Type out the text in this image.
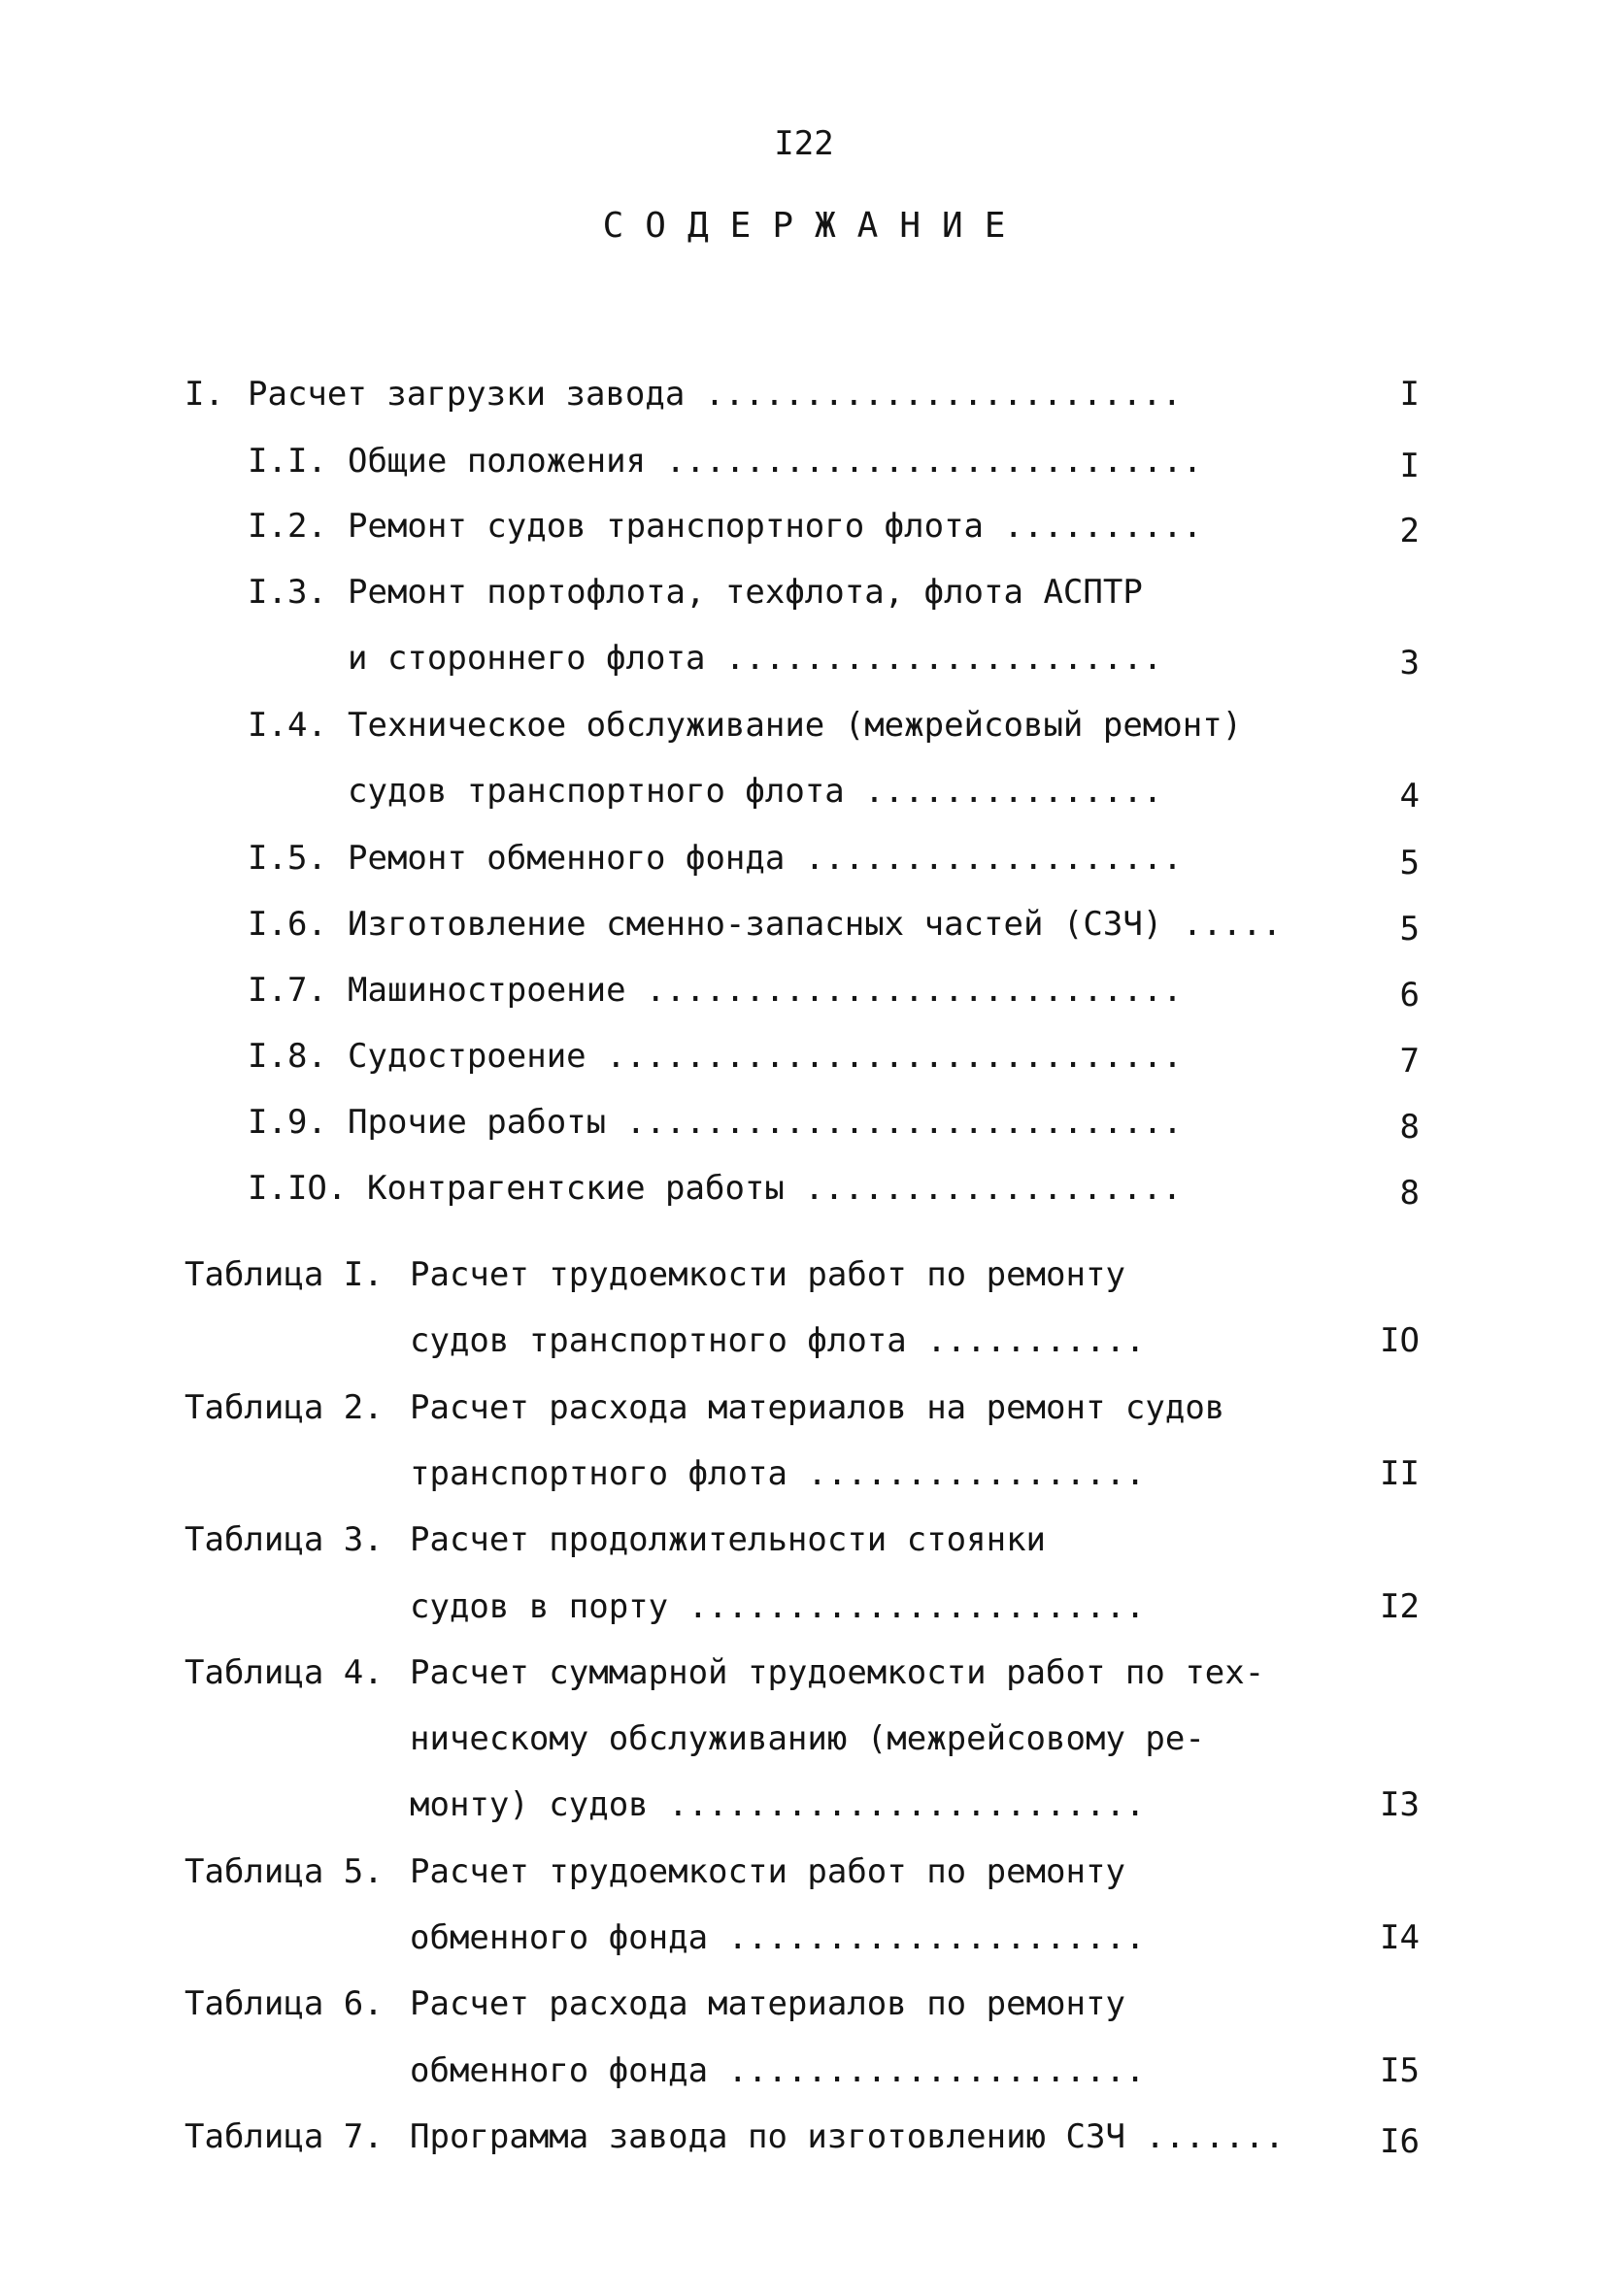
I22
СОДЕРЖАНИЕ
I. Расчет загрузки завода ........................	I
I.I. Общие положения ...........................	I
I.2. Ремонт судов транспортного флота ..........	2
I.3. Ремонт портофлота, техфлота, флота АСПТР
и стороннего флота ......................	3
I.4. Техническое обслуживание (межрейсовый ремонт)
судов транспортного флота ...............	4
I.5. Ремонт обменного фонда ...................	5
I.6. Изготовление сменно-запасных частей (СЗЧ) .....	5
I.7. Машиностроение ...........................	6
I.8. Судостроение .............................	7
I.9. Прочие работы ............................	8
I.IO. Контрагентские работы ...................	8
Таблица I. Расчет трудоемкости работ по ремонту
судов транспортного флота ...........	IO
Таблица 2. Расчет расхода материалов на ремонт судов
транспортного флота .................	II
Таблица 3. Расчет продолжительности стоянки
судов в порту .......................	I2
Таблица 4. Расчет суммарной трудоемкости работ по тех-
ническому обслуживанию (межрейсовому ре-
монту) судов ........................	I3
Таблица 5. Расчет трудоемкости работ по ремонту
обменного фонда .....................	I4
Таблица 6. Расчет расхода материалов по ремонту
обменного фонда .....................	I5
Таблица 7. Программа завода по изготовлению СЗЧ .......	I6
